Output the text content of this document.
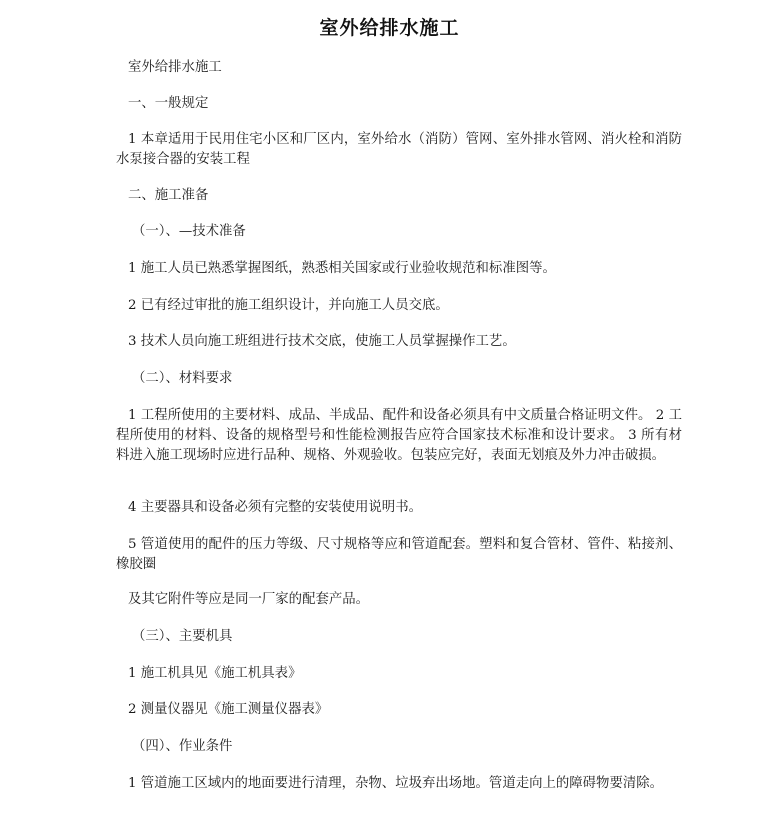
室外给排水施工

室外给排水施工

一、一般规定

1 本章适用于民用住宅小区和厂区内，室外给水（消防）管网、室外排水管网、消火栓和消防水泵接合器的安装工程

二、施工准备

（一）、—技术准备

1 施工人员已熟悉掌握图纸，熟悉相关国家或行业验收规范和标准图等。

2 已有经过审批的施工组织设计，并向施工人员交底。

3 技术人员向施工班组进行技术交底，使施工人员掌握操作工艺。

（二）、材料要求

1 工程所使用的主要材料、成品、半成品、配件和设备必须具有中文质量合格证明文件。 2 工程所使用的材料、设备的规格型号和性能检测报告应符合国家技术标准和设计要求。 3 所有材料进入施工现场时应进行品种、规格、外观验收。包装应完好，表面无划痕及外力冲击破损。

4 主要器具和设备必须有完整的安装使用说明书。

5 管道使用的配件的压力等级、尺寸规格等应和管道配套。塑料和复合管材、管件、粘接剂、橡胶圈

及其它附件等应是同一厂家的配套产品。

（三）、主要机具

1 施工机具见《施工机具表》

2 测量仪器见《施工测量仪器表》

（四）、作业条件

1 管道施工区域内的地面要进行清理，杂物、垃圾弃出场地。管道走向上的障碍物要清除。
